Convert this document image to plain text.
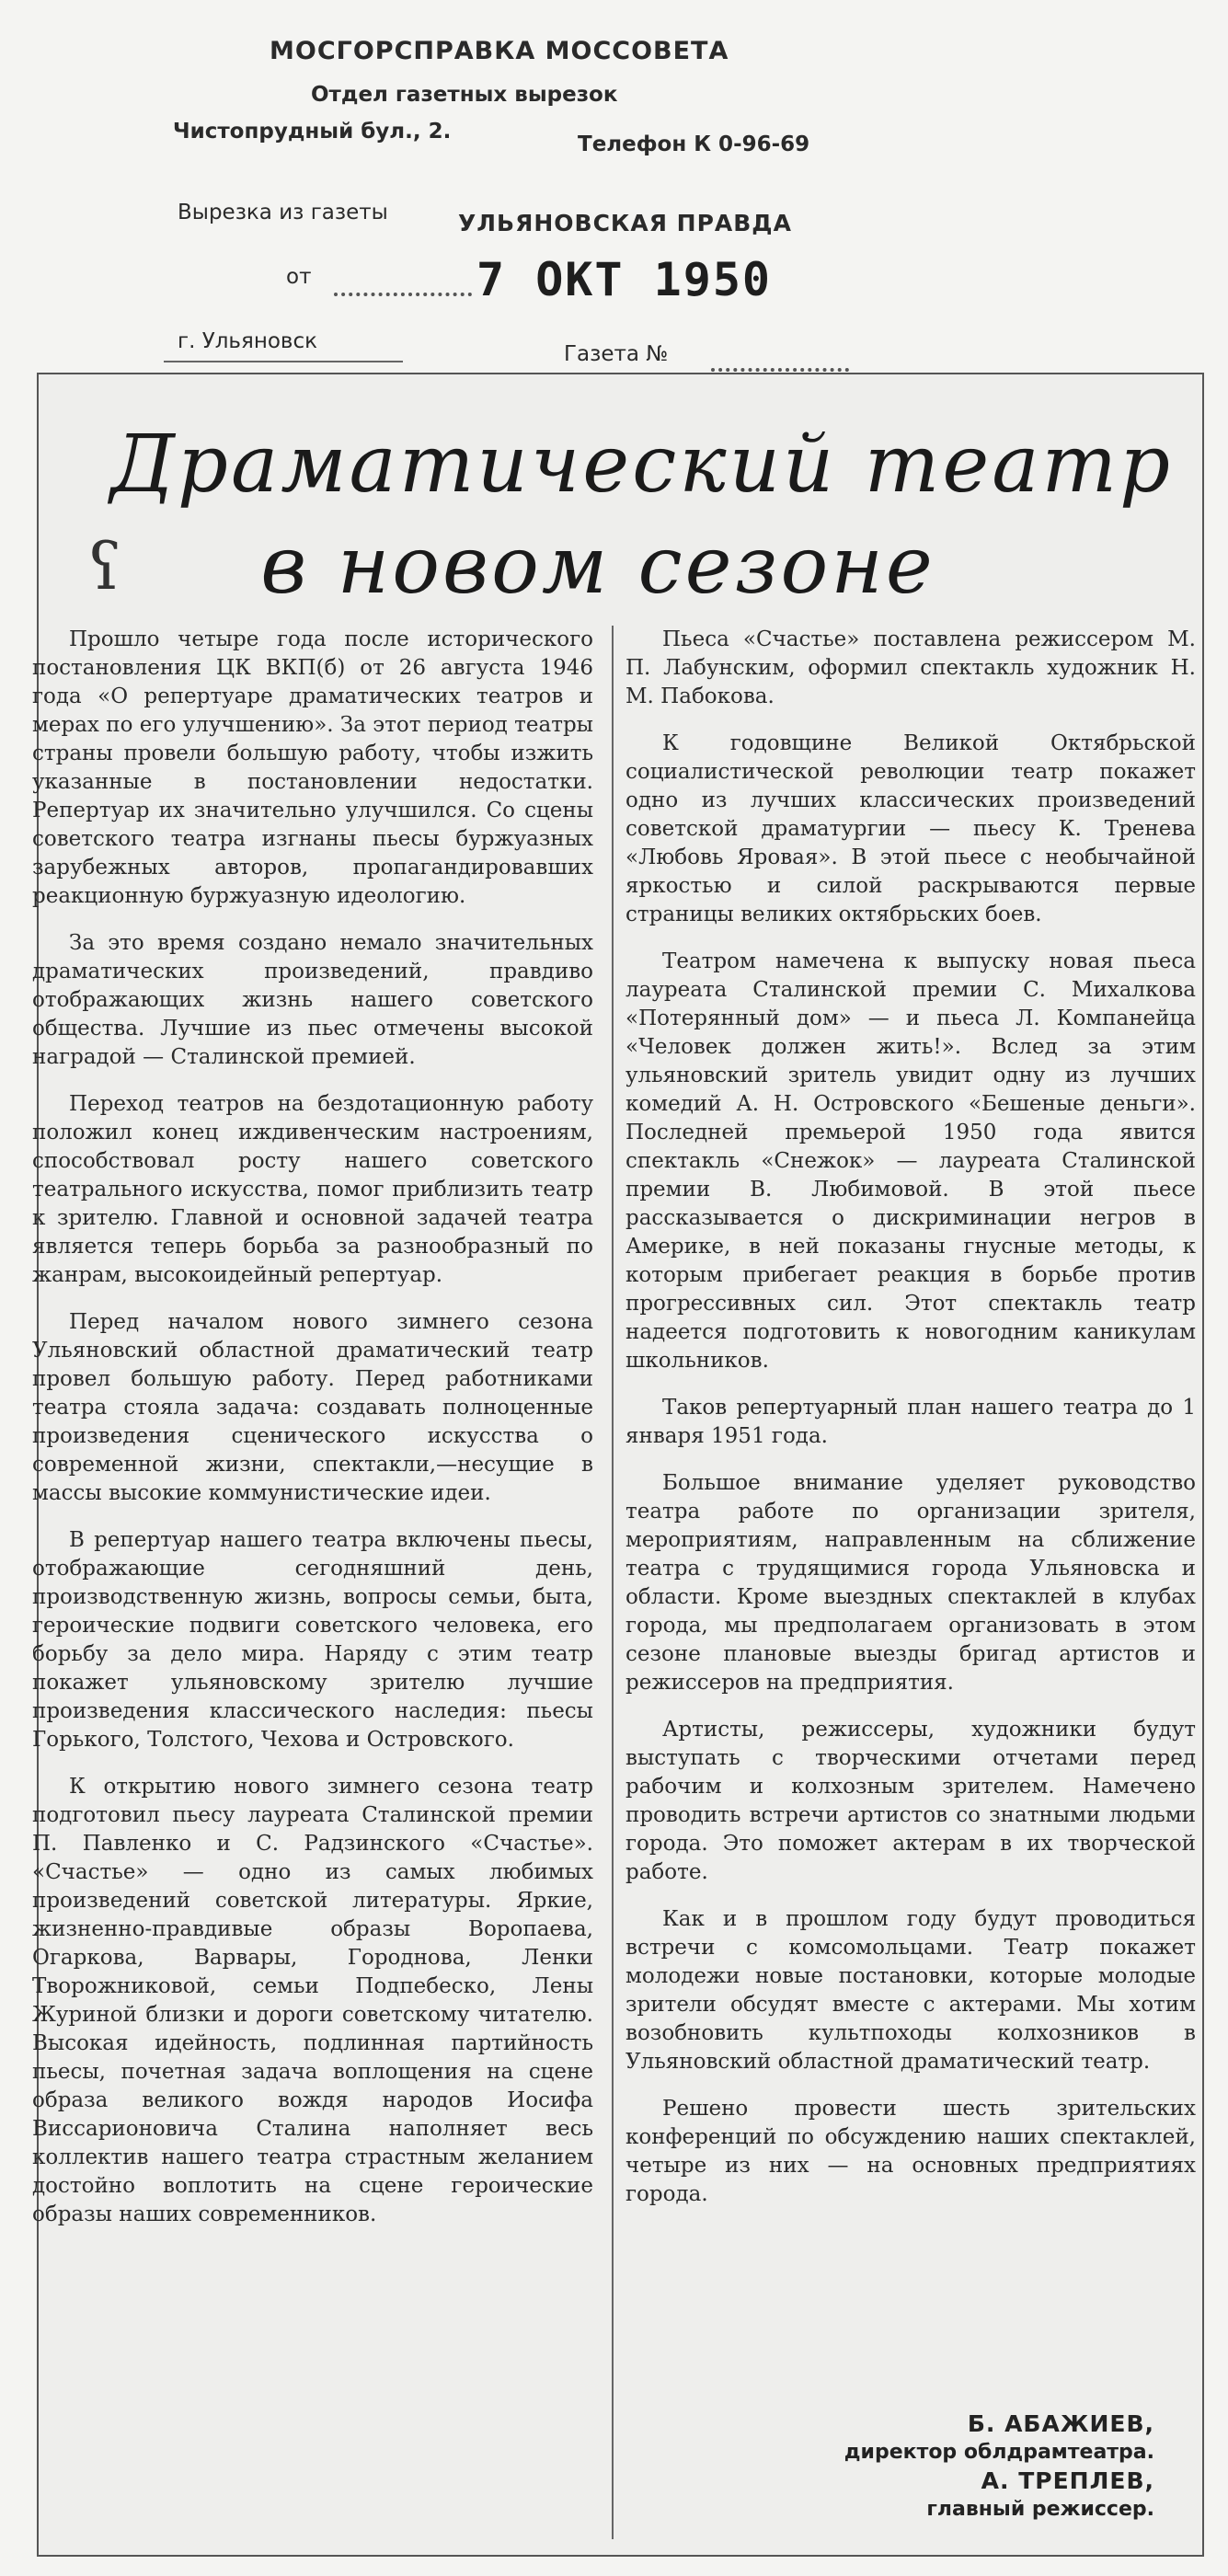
МОСГОРСПРАВКА МОССОВЕТА
Отдел газетных вырезок
Чистопрудный бул., 2.
Телефон К 0-96-69
Вырезка из газеты	УЛЬЯНОВСКАЯ ПРАВДА
от	7 ОКТ 1950
г. Ульяновск
Газета №
Драматический театр
ʕ	в новом сезоне

Прошло четыре года после исторического постановления ЦК ВКП(б) от 26 августа 1946 года «О репертуаре драматических театров и мерах по его улучшению». За этот период театры страны провели большую работу, чтобы изжить указанные в постановлении недостатки. Репертуар их значительно улучшился. Со сцены советского театра изгнаны пьесы буржуазных зарубежных авторов, пропагандировавших реакционную буржуазную идеологию.

За это время создано немало значительных драматических произведений, правдиво отображающих жизнь нашего советского общества. Лучшие из пьес отмечены высокой наградой — Сталинской премией.

Переход театров на бездотационную работу положил конец иждивенческим настроениям, способствовал росту нашего советского театрального искусства, помог приблизить театр к зрителю. Главной и основной задачей театра является теперь борьба за разнообразный по жанрам, высокоидейный репертуар.

Перед началом нового зимнего сезона Ульяновский областной драматический театр провел большую работу. Перед работниками театра стояла задача: создавать полноценные произведения сценического искусства о современной жизни, спектакли,—несущие в массы высокие коммунистические идеи.

В репертуар нашего театра включены пьесы, отображающие сегодняшний день, производственную жизнь, вопросы семьи, быта, героические подвиги советского человека, его борьбу за дело мира. Наряду с этим театр покажет ульяновскому зрителю лучшие произведения классического наследия: пьесы Горького, Толстого, Чехова и Островского.

К открытию нового зимнего сезона театр подготовил пьесу лауреата Сталинской премии П. Павленко и С. Радзинского «Счастье». «Счастье» — одно из самых любимых произведений советской литературы. Яркие, жизненно-правдивые образы Воропаева, Огаркова, Варвары, Городнова, Ленки Творожниковой, семьи Подпебеско, Лены Журиной близки и дороги советскому читателю. Высокая идейность, подлинная партийность пьесы, почетная задача воплощения на сцене образа великого вождя народов Иосифа Виссарионовича Сталина наполняет весь коллектив нашего театра страстным желанием достойно воплотить на сцене героические образы наших современников.

Пьеса «Счастье» поставлена режиссером М. П. Лабунским, оформил спектакль художник Н. М. Пабокова.

К годовщине Великой Октябрьской социалистической революции театр покажет одно из лучших классических произведений советской драматургии — пьесу К. Тренева «Любовь Яровая». В этой пьесе с необычайной яркостью и силой раскрываются первые страницы великих октябрьских боев.

Театром намечена к выпуску новая пьеса лауреата Сталинской премии С. Михалкова «Потерянный дом» — и пьеса Л. Компанейца «Человек должен жить!». Вслед за этим ульяновский зритель увидит одну из лучших комедий А. Н. Островского «Бешеные деньги». Последней премьерой 1950 года явится спектакль «Снежок» — лауреата Сталинской премии В. Любимовой. В этой пьесе рассказывается о дискриминации негров в Америке, в ней показаны гнусные методы, к которым прибегает реакция в борьбе против прогрессивных сил. Этот спектакль театр надеется подготовить к новогодним каникулам школьников.

Таков репертуарный план нашего театра до 1 января 1951 года.

Большое внимание уделяет руководство театра работе по организации зрителя, мероприятиям, направленным на сближение театра с трудящимися города Ульяновска и области. Кроме выездных спектаклей в клубах города, мы предполагаем организовать в этом сезоне плановые выезды бригад артистов и режиссеров на предприятия.

Артисты, режиссеры, художники будут выступать с творческими отчетами перед рабочим и колхозным зрителем. Намечено проводить встречи артистов со знатными людьми города. Это поможет актерам в их творческой работе.

Как и в прошлом году будут проводиться встречи с комсомольцами. Театр покажет молодежи новые постановки, которые молодые зрители обсудят вместе с актерами. Мы хотим возобновить культпоходы колхозников в Ульяновский областной драматический театр.

Решено провести шесть зрительских конференций по обсуждению наших спектаклей, четыре из них — на основных предприятиях города.

Б. АБАЖИЕВ,
директор облдрамтеатра.
А. ТРЕПЛЕВ,
главный режиссер.
